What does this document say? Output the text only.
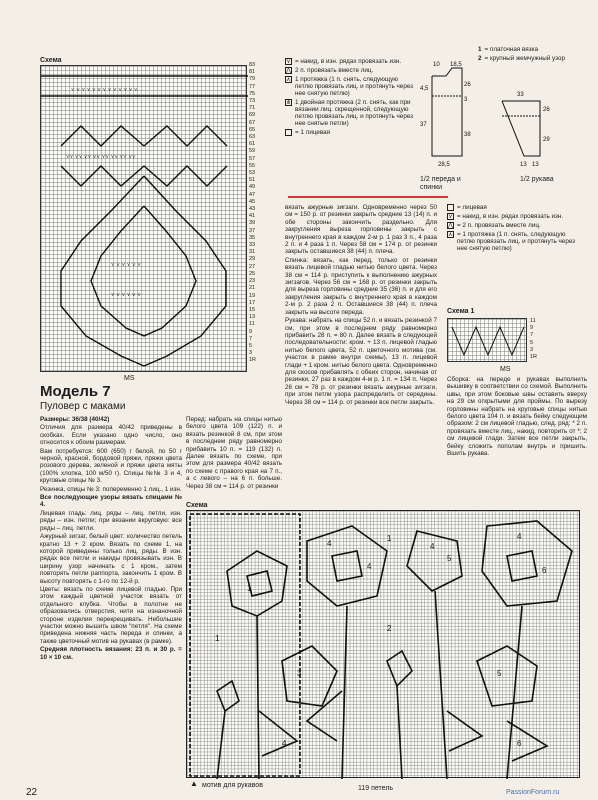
Схема
⋎ ⋎ ⋎ ⋎ ⋎ ⋎ ⋎ ⋎ ⋎ ⋎ ⋎ ⋎ ⋎
⋎⋎ ⋎⋎ ⋎⋎ ⋎⋎ ⋎⋎ ⋎⋎ ⋎⋎ ⋎⋎
⋎ ⋎ ⋎ ⋎ ⋎ ⋎
⋎ ⋎ ⋎ ⋎ ⋎ ⋎
83
81
79
77
75
73
71
69
67
65
63
61
59
57
55
53
51
49
47
45
43
41
39
37
35
33
31
29
27
25
23
21
19
17
15
13
11
9
7
5
3
1R
MS
⋎ = накид, в изн. рядах провязать изн.
⋀ 2 п. провязать вместе лиц.
⋏ 1 протяжка (1 п. снять, следующую петлю провязать лиц. и протянуть через нее снятую петлю)
⋔ 1 двойная протяжка (2 п. снять, как при вязании лиц. скрещенной, следующую петлю провязать лиц. и протянуть через нее снятые петли)
= 1 лицевая
1 = платочная вязка
2 = крупный жемчужный узор
10 18,5
4,5
26
3
37
28,5
38
26
29
13 13
33
1/2 переда и спинки
1/2 рукава

вязать ажурные зигзаги. Одновременно через 50 см = 150 р. от резинки закрыть средние 13 (14) п. и обе стороны закончить раздельно. Для закругления выреза горловины закрыть с внутреннего края в каждом 2-м р. 1 раз 3 п., 4 раза 2 п. и 4 раза 1 п. Через 58 см = 174 р. от резинки закрыть оставшиеся 38 (44) п. плеча.

Спинка: вязать, как перед, только от резинки вязать лицевой гладью нитью белого цвета. Через 38 см = 114 р. приступить к выполнению ажурных зигзагов. Через 56 см = 168 р. от резинки закрыть для выреза горловины средние 35 (36) п. и для его закругления закрыть с внутреннего края в каждом 2-м р. 2 раза 2 п. Оставшиеся 38 (44) п. плеча закрыть на высоте переда.

Рукава: набрать на спицы 52 п. и вязать резинкой 7 см, при этом в последнем ряду равномерно прибавить 28 п. = 80 п. Далее вязать в следующей последовательности: кром. + 13 п. лицевой гладью нитью белого цвета, 52 п. цветочного мотива (см. участок в рамке внутри схемы), 13 п. лицевой глади + 1 кром. нитью белого цвета. Одновременно для скосов прибавлять с обеих сторон, начиная от резинки, 27 раз в каждом 4-м р. 1 п. = 134 п. Через 26 см = 78 р. от резинки вязать ажурные зигзаги, при этом петли узора распределить от середины. Через 38 см = 114 р. от резинки все петли закрыть.

= лицевая
⋎ = накид, в изн. рядах провязать изн.
⋀ = 2 п. провязать вместе лиц.
⋏ = 1 протяжка (1 п. снять, следующую петлю провязать лиц. и протянуть через нее снятую петлю)
Схема 1
11
9
7
5
3
1R
MS

Сборка: на переде и рукавах выполнить вышивку в соответствии со схемой. Выполнить швы, при этом боковые швы оставить вверху на 29 см открытыми для проймы. По вырезу горловины набрать на круговые спицы нитью белого цвета 104 п. и вязать бейку следующим образом: 2 см лицевой гладью, след. ряд: * 2 п. провязать вместе лиц., накид, повторить от *; 2 см лицевой глади. Затем все петли закрыть, бейку сложить пополам внутрь и пришить. Вшить рукава.

Модель 7
Пуловер с маками

Размеры: 36/38 (40/42)

Отличия для размера 40/42 приведены в скобках. Если указано одно число, оно относится к обоим размерам.

Вам потребуется: 600 (650) г белой, по 50 г черной, красной, бордовой пряжи, пряжи цвета розового дерева, зеленой и пряжи цвета мяты (100% хлопка, 100 м/50 г). Спицы №№ 3 и 4, круговые спицы № 3.

Резинка, спицы № 3: попеременно 1 лиц., 1 изн.

Все последующие узоры вязать спицами № 4.

Лицевая гладь: лиц. ряды – лиц. петли, изн. ряды – изн. петли; при вязании вкруговую: все ряды – лиц. петли.

Ажурный зигзаг, белый цвет: количество петель кратно 13 + 2 кром. Вязать по схеме 1, на которой приведены только лиц. ряды. В изн. рядах все петли и накиды провязывать изн. В ширину узор начинать с 1 кром., затем повторять петли раппорта, закончить 1 кром. В высоту повторять с 1-го по 12-й р.

Цветы: вязать по схеме лицевой гладью. При этом каждый цветной участок вязать от отдельного клубка. Чтобы в полотне не образовались отверстия, нити на изнаночной стороне изделия перекрещивать. Небольшие участки можно вышить швом "петля". На схеме приведена нижняя часть переда и спинки, а также цветочный мотив на рукавах (в рамке).

Средняя плотность вязания: 23 п. и 30 р. = 10 × 10 см.

Перед: набрать на спицы нитью белого цвета 109 (122) п. и вязать резинкой 8 см, при этом в последнем ряду равномерно прибавить 10 п. = 119 (132) п. Далее вязать по схеме, при этом для размера 40/42 вязать по схеме с правого края на 7 п., а с левого – на 6 п. больше. Через 38 см = 114 р. от резинки

Схема
1
4
1
4
4
4
5
6
1
3
2
5
4	6
▲ мотив для рукавов	119 петель
22	PassionForum.ru
